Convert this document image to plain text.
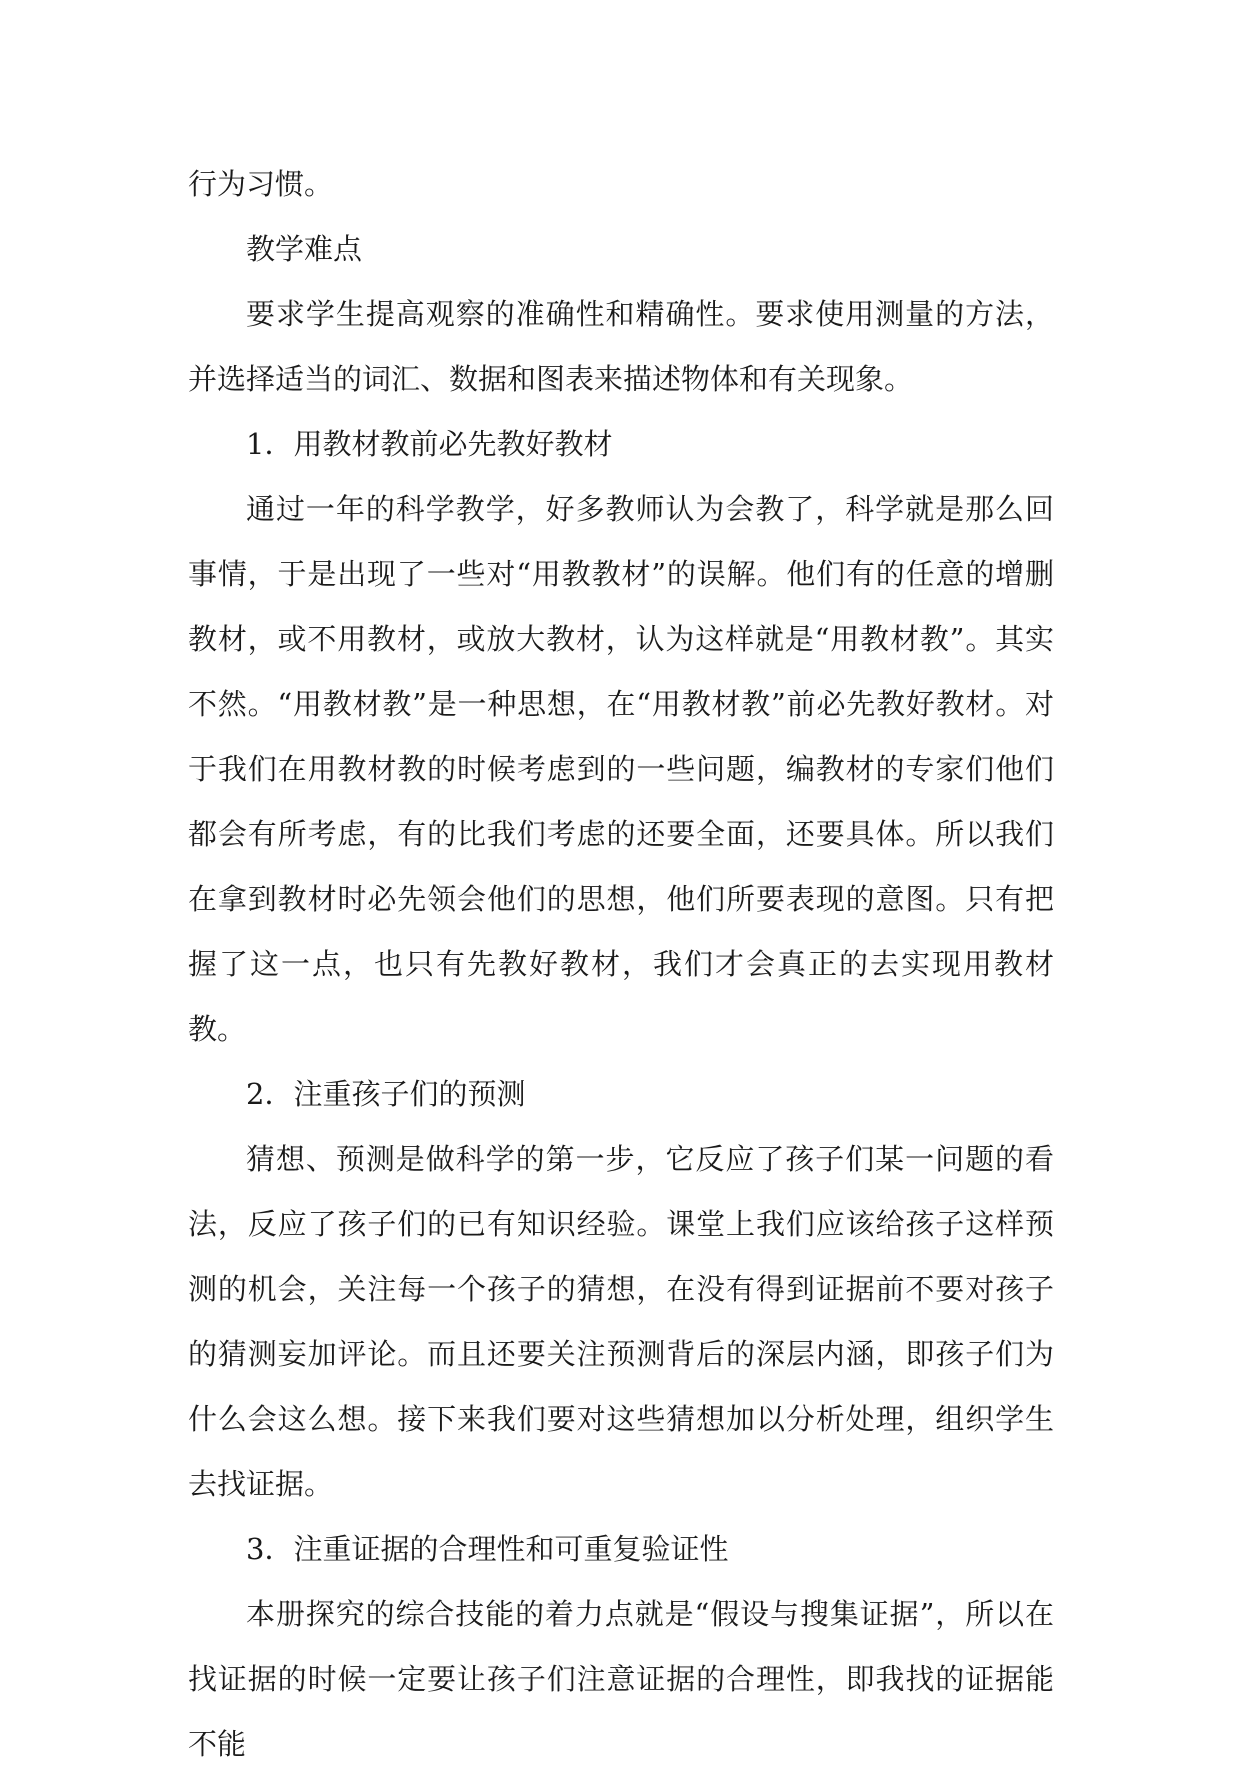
行为习惯。

教学难点

要求学生提高观察的准确性和精确性。要求使用测量的方法，并选择适当的词汇、数据和图表来描述物体和有关现象。

1．用教材教前必先教好教材

通过一年的科学教学，好多教师认为会教了，科学就是那么回事情，于是出现了一些对“用教教材”的误解。他们有的任意的增删教材，或不用教材，或放大教材，认为这样就是“用教材教”。其实不然。“用教材教”是一种思想，在“用教材教”前必先教好教材。对于我们在用教材教的时候考虑到的一些问题，编教材的专家们他们都会有所考虑，有的比我们考虑的还要全面，还要具体。所以我们在拿到教材时必先领会他们的思想，他们所要表现的意图。只有把握了这一点，也只有先教好教材，我们才会真正的去实现用教材教。

2．注重孩子们的预测

猜想、预测是做科学的第一步，它反应了孩子们某一问题的看法，反应了孩子们的已有知识经验。课堂上我们应该给孩子这样预测的机会，关注每一个孩子的猜想，在没有得到证据前不要对孩子的猜测妄加评论。而且还要关注预测背后的深层内涵，即孩子们为什么会这么想。接下来我们要对这些猜想加以分析处理，组织学生去找证据。

3．注重证据的合理性和可重复验证性

本册探究的综合技能的着力点就是“假设与搜集证据”，所以在找证据的时候一定要让孩子们注意证据的合理性，即我找的证据能不能
